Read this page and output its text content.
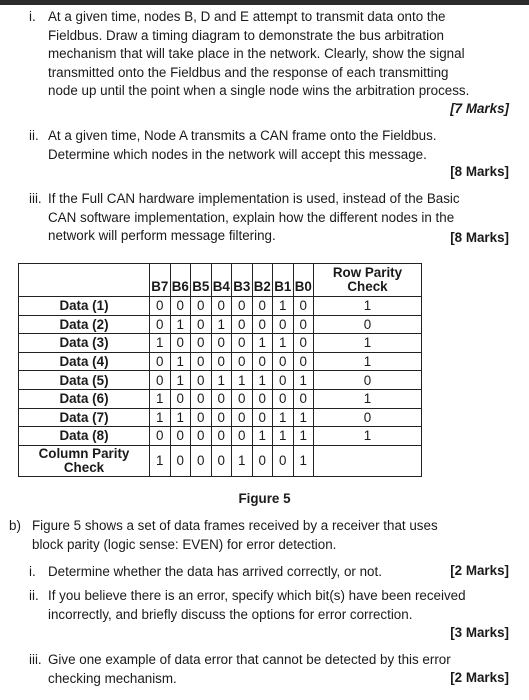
i. At a given time, nodes B, D and E attempt to transmit data onto the
Fieldbus. Draw a timing diagram to demonstrate the bus arbitration
mechanism that will take place in the network. Clearly, show the signal
transmitted onto the Fieldbus and the response of each transmitting
node up until the point when a single node wins the arbitration process.
[7 Marks]
ii. At a given time, Node A transmits a CAN frame onto the Fieldbus.
Determine which nodes in the network will accept this message.
[8 Marks]
iii. If the Full CAN hardware implementation is used, instead of the Basic
CAN software implementation, explain how the different nodes in the
network will perform message filtering.	[8 Marks]
	B7	B6	B5	B4	B3	B2	B1	B0	Row Parity
Check

Data (1)	0	0	0	0	0	0	1	0	1
Data (2)	0	1	0	1	0	0	0	0	0
Data (3)	1	0	0	0	0	1	1	0	1
Data (4)	0	1	0	0	0	0	0	0	1
Data (5)	0	1	0	1	1	1	0	1	0
Data (6)	1	0	0	0	0	0	0	0	1
Data (7)	1	1	0	0	0	0	1	1	0
Data (8)	0	0	0	0	0	1	1	1	1

Column Parity
Check	1	0	0	0	1	0	0	1	
Figure 5
b) Figure 5 shows a set of data frames received by a receiver that uses
block parity (logic sense: EVEN) for error detection.
i. Determine whether the data has arrived correctly, or not.	[2 Marks]
ii. If you believe there is an error, specify which bit(s) have been received
incorrectly, and briefly discuss the options for error correction.
[3 Marks]
iii. Give one example of data error that cannot be detected by this error
checking mechanism.	[2 Marks]
